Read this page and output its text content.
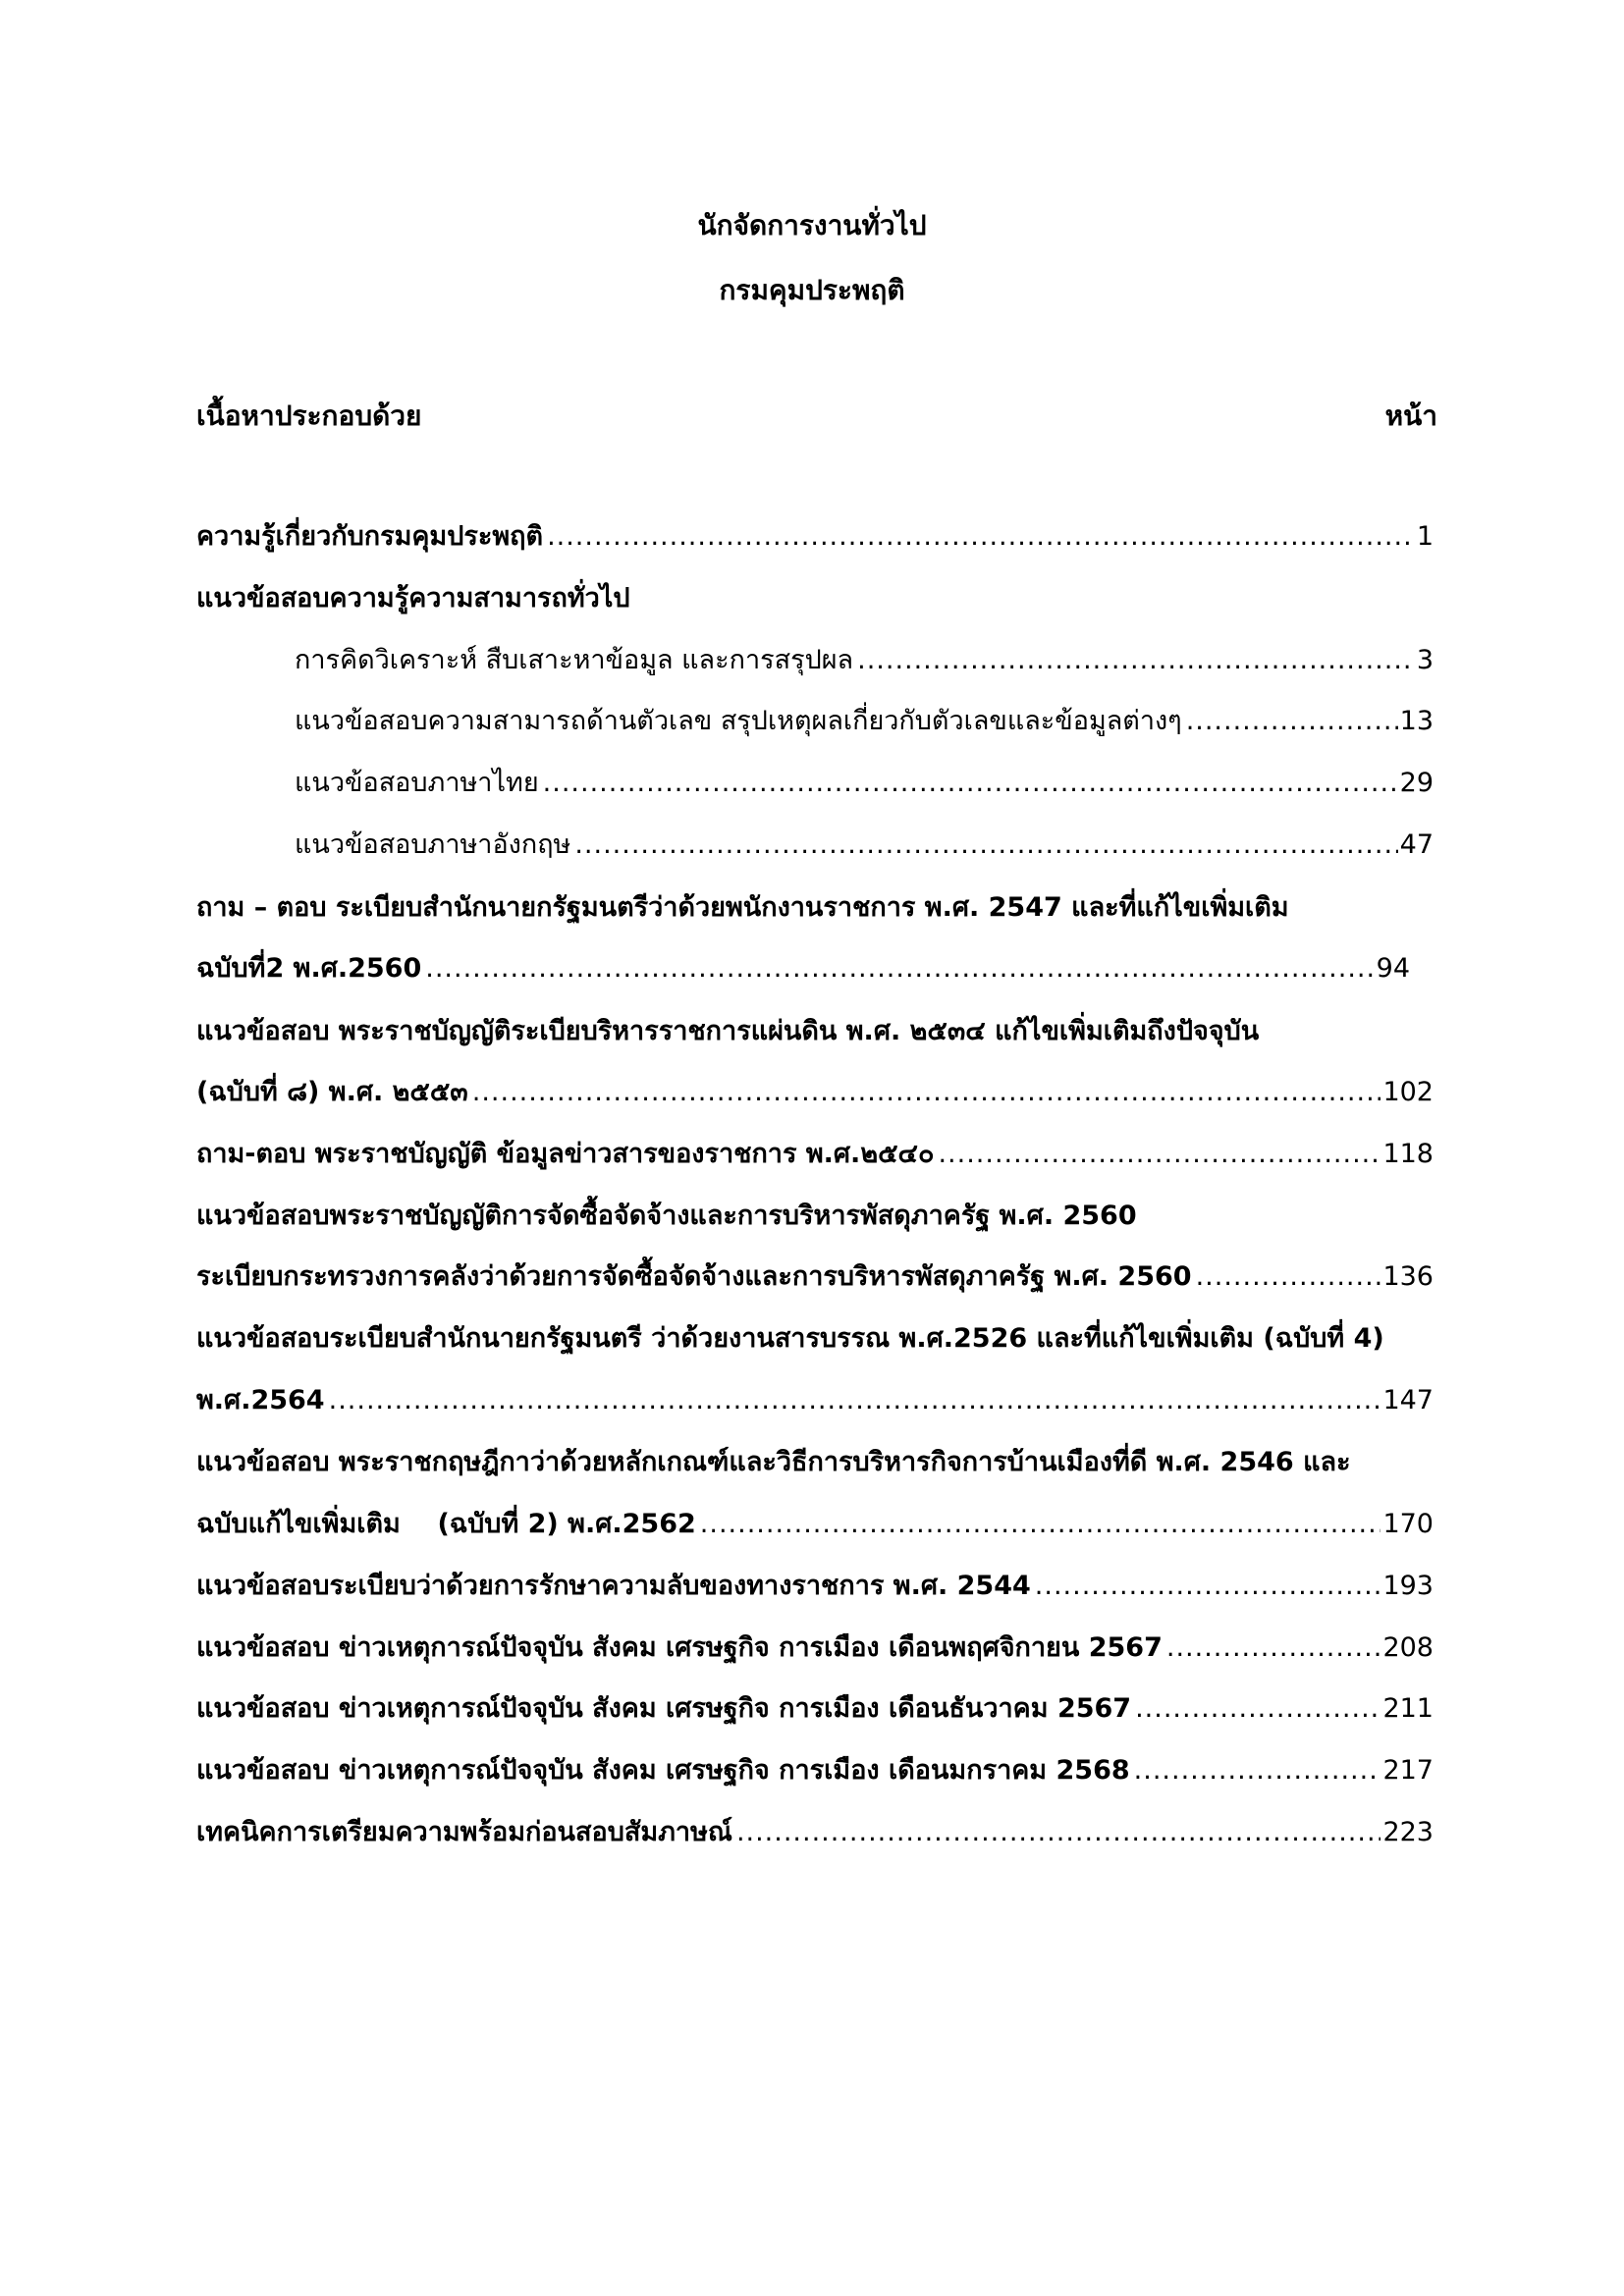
นักจัดการงานทั่วไป
กรมคุมประพฤติ
เนื้อหาประกอบด้วย	หน้า
ความรู้เกี่ยวกับกรมคุมประพฤติ .....	1
แนวข้อสอบความรู้ความสามารถทั่วไป
การคิดวิเคราะห์ สืบเสาะหาข้อมูล และการสรุปผล .....	3
แนวข้อสอบความสามารถด้านตัวเลข สรุปเหตุผลเกี่ยวกับตัวเลขและข้อมูลต่างๆ .....	13
แนวข้อสอบภาษาไทย .....	29
แนวข้อสอบภาษาอังกฤษ .....	47
ถาม – ตอบ ระเบียบสำนักนายกรัฐมนตรีว่าด้วยพนักงานราชการ พ.ศ. 2547 และที่แก้ไขเพิ่มเติม
ฉบับที่2 พ.ศ.2560 .....	94
แนวข้อสอบ พระราชบัญญัติระเบียบริหารราชการแผ่นดิน พ.ศ. ๒๕๓๔ แก้ไขเพิ่มเติมถึงปัจจุบัน
(ฉบับที่ ๘) พ.ศ. ๒๕๕๓ .....	102
ถาม-ตอบ พระราชบัญญัติ ข้อมูลข่าวสารของราชการ พ.ศ.๒๕๔๐ .....	118
แนวข้อสอบพระราชบัญญัติการจัดซื้อจัดจ้างและการบริหารพัสดุภาครัฐ พ.ศ. 2560
ระเบียบกระทรวงการคลังว่าด้วยการจัดซื้อจัดจ้างและการบริหารพัสดุภาครัฐ พ.ศ. 2560 .....	136
แนวข้อสอบระเบียบสำนักนายกรัฐมนตรี ว่าด้วยงานสารบรรณ พ.ศ.2526 และที่แก้ไขเพิ่มเติม (ฉบับที่ 4)
พ.ศ.2564 .....	147
แนวข้อสอบ พระราชกฤษฎีกาว่าด้วยหลักเกณฑ์และวิธีการบริหารกิจการบ้านเมืองที่ดี พ.ศ. 2546 และ
ฉบับแก้ไขเพิ่มเติม    (ฉบับที่ 2) พ.ศ.2562 .....	170
แนวข้อสอบระเบียบว่าด้วยการรักษาความลับของทางราชการ พ.ศ. 2544 .....	193
แนวข้อสอบ ข่าวเหตุการณ์ปัจจุบัน สังคม เศรษฐกิจ การเมือง เดือนพฤศจิกายน 2567 .....	208
แนวข้อสอบ ข่าวเหตุการณ์ปัจจุบัน สังคม เศรษฐกิจ การเมือง เดือนธันวาคม 2567 .....	211
แนวข้อสอบ ข่าวเหตุการณ์ปัจจุบัน สังคม เศรษฐกิจ การเมือง เดือนมกราคม 2568 .....	217
เทคนิคการเตรียมความพร้อมก่อนสอบสัมภาษณ์ .....	223
